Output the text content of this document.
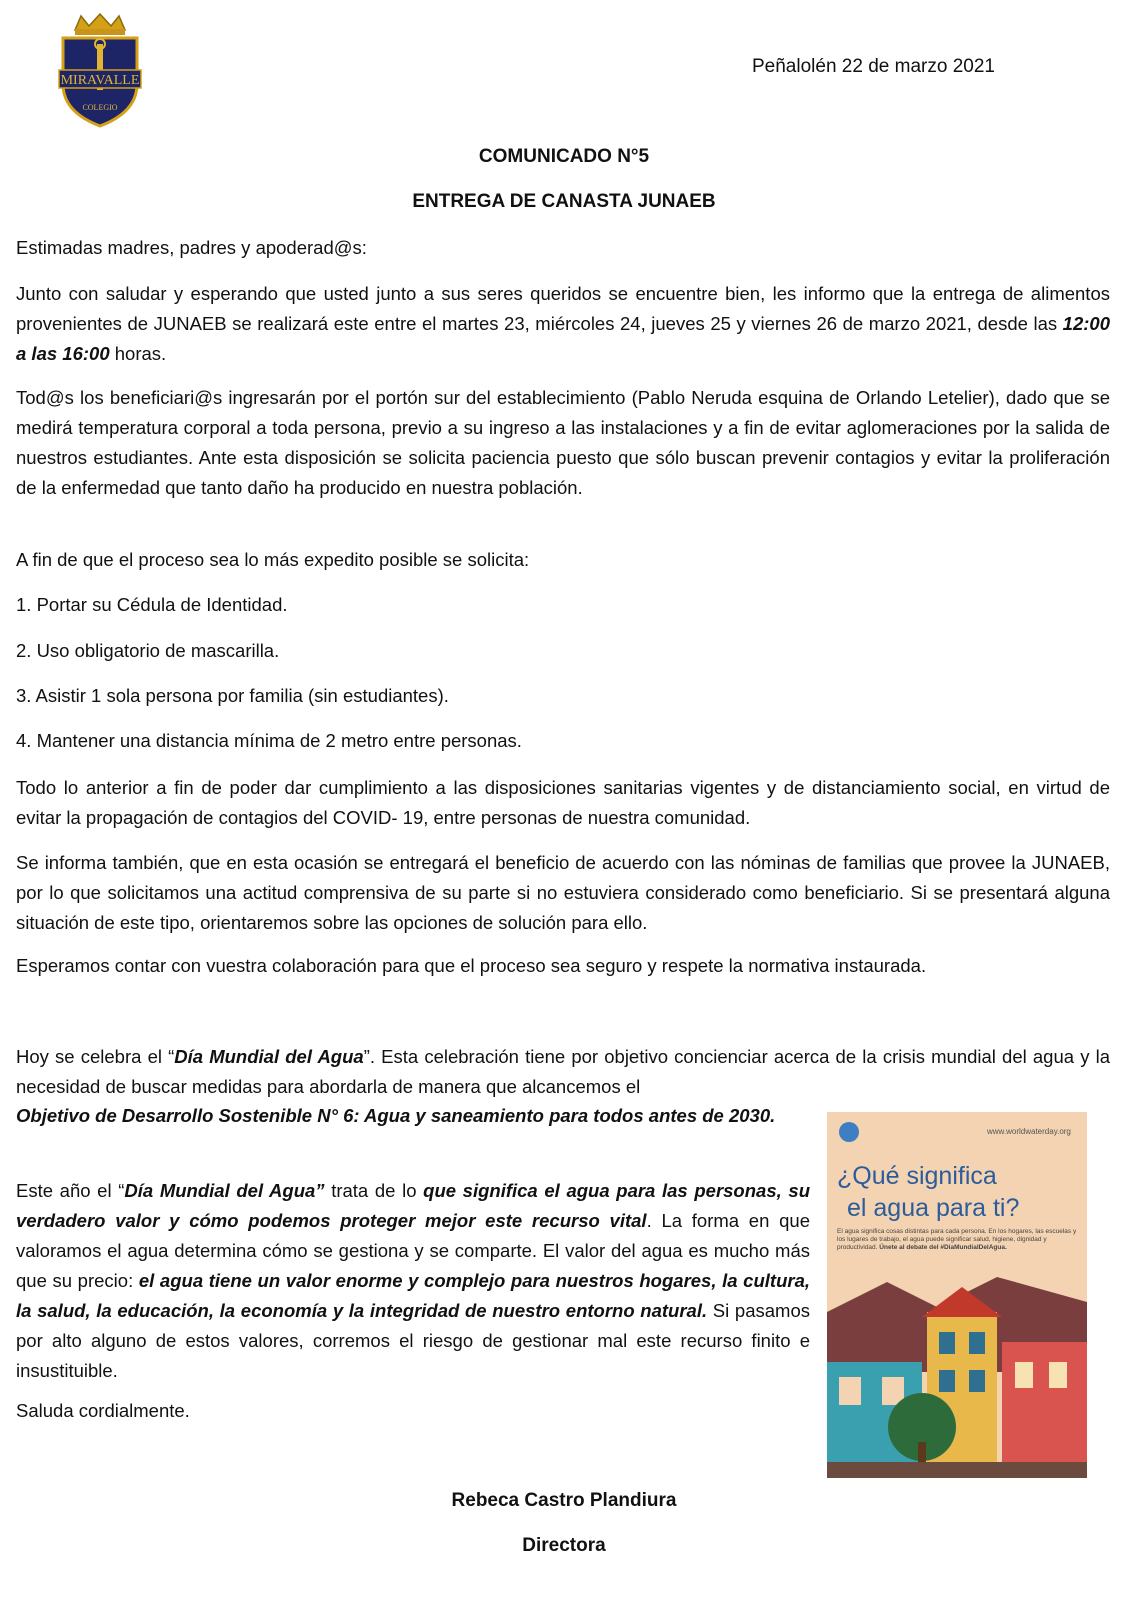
MIRAVALLE
COLEGIO
Peñalolén 22 de marzo 2021
COMUNICADO N°5
ENTREGA DE CANASTA JUNAEB
Estimadas madres, padres y apoderad@s:
Junto con saludar y esperando que usted junto a sus seres queridos se encuentre bien, les informo que la entrega de alimentos provenientes de JUNAEB se realizará este entre el martes 23, miércoles 24, jueves 25 y viernes 26 de marzo 2021, desde las 12:00 a las 16:00 horas.
Tod@s los beneficiari@s ingresarán por el portón sur del establecimiento (Pablo Neruda esquina de Orlando Letelier), dado que se medirá temperatura corporal a toda persona, previo a su ingreso a las instalaciones y a fin de evitar aglomeraciones por la salida de nuestros estudiantes. Ante esta disposición se solicita paciencia puesto que sólo buscan prevenir contagios y evitar la proliferación de la enfermedad que tanto daño ha producido en nuestra población.
A fin de que el proceso sea lo más expedito posible se solicita:
1. Portar su Cédula de Identidad.
2. Uso obligatorio de mascarilla.
3. Asistir 1 sola persona por familia (sin estudiantes).
4. Mantener una distancia mínima de 2 metro entre personas.
Todo lo anterior a fin de poder dar cumplimiento a las disposiciones sanitarias vigentes y de distanciamiento social, en virtud de evitar la propagación de contagios del COVID- 19, entre personas de nuestra comunidad.
Se informa también, que en esta ocasión se entregará el beneficio de acuerdo con las nóminas de familias que provee la JUNAEB, por lo que solicitamos una actitud comprensiva de su parte si no estuviera considerado como beneficiario. Si se presentará alguna situación de este tipo, orientaremos sobre las opciones de solución para ello.
Esperamos contar con vuestra colaboración para que el proceso sea seguro y respete la normativa instaurada.
Hoy se celebra el “Día Mundial del Agua”. Esta celebración tiene por objetivo concienciar acerca de la crisis mundial del agua y la necesidad de buscar medidas para abordarla de manera que alcancemos el
Objetivo de Desarrollo Sostenible N° 6: Agua y saneamiento para todos antes de 2030.
Este año el “Día Mundial del Agua” trata de lo que significa el agua para las personas, su verdadero valor y cómo podemos proteger mejor este recurso vital. La forma en que valoramos el agua determina cómo se gestiona y se comparte. El valor del agua es mucho más que su precio: el agua tiene un valor enorme y complejo para nuestros hogares, la cultura, la salud, la educación, la economía y la integridad de nuestro entorno natural. Si pasamos por alto alguno de estos valores, corremos el riesgo de gestionar mal este recurso finito e insustituible.
Saluda cordialmente.
www.worldwaterday.org
¿Qué significa
el agua para ti?
El agua significa cosas distintas para cada persona. En los hogares, las escuelas y los lugares de trabajo, el agua puede significar salud, higiene, dignidad y productividad. Únete al debate del #DíaMundialDelAgua.
Rebeca Castro Plandiura
Directora
